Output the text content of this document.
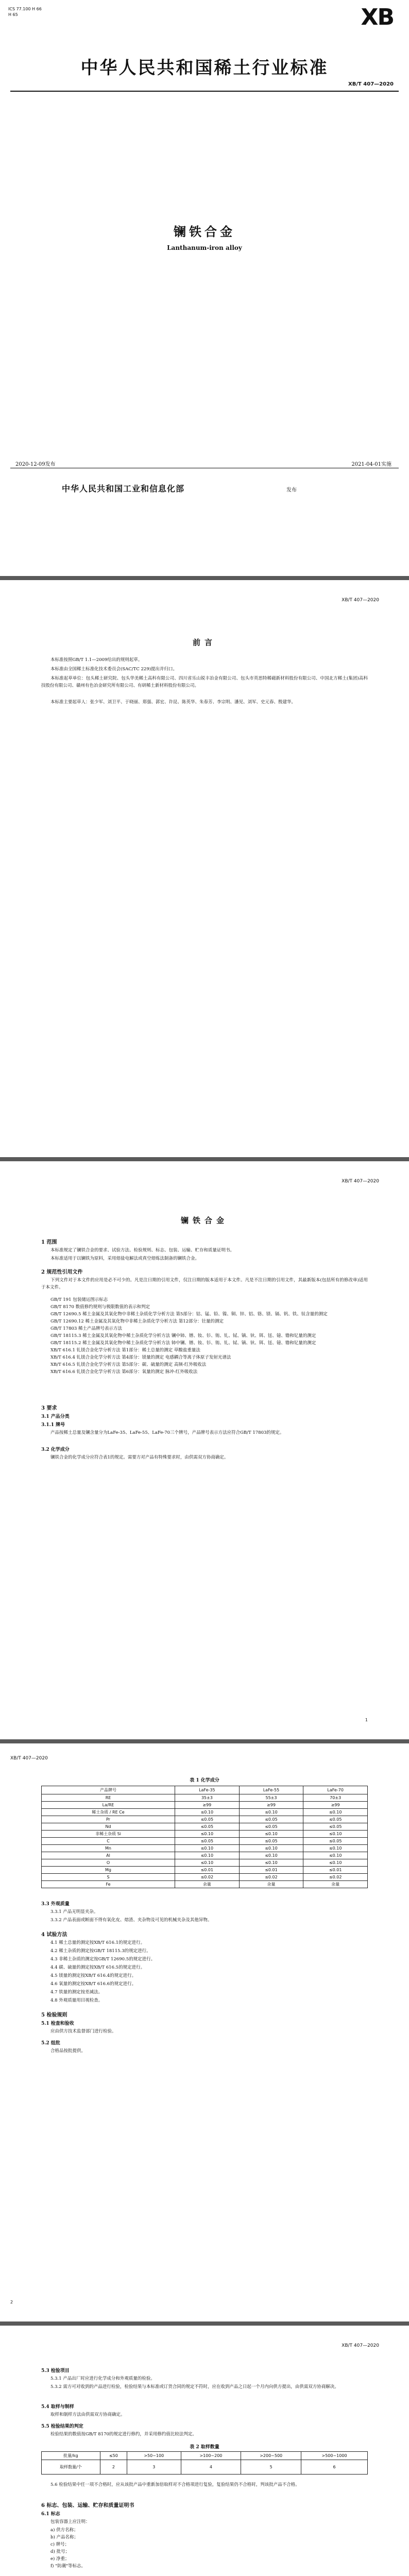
ICS 77.100 H 66
H 65	XB
中华人民共和国稀土行业标准
XB/T 407—2020
镧铁合金
Lanthanum-iron alloy
2020-12-09发布	2021-04-01实施
中华人民共和国工业和信息化部	发布
XB/T 407—2020
前言
本标准按照GB/T 1.1—2009给出的规则起草。
本标准由全国稀土标准化技术委员会(SAC/TC 229)提出并归口。
本标准起草单位：包头稀土研究院、包头华美稀土高科有限公司、四川省乐山锐丰冶金有限公司、包头市英思特稀磁新材料股份有限公司、中国北方稀土(集团)高科技股份有限公司、赣州有色冶金研究所有限公司、有研稀土新材料股份有限公司。
本标准主要起草人：张少军、刘卫平、于晓丽、郑强、郭宏、许昆、陈英华、朱春芳、李宗明、潘见、刘军、史元春、殷建华。
XB/T 407—2020
镧铁合金
1 范围
本标准规定了镧铁合金的要求、试验方法、检验规则、标志、包装、运输、贮存和质量证明书。
本标准适用于以镧铁为原料，采用熔盐电解法或真空熔炼法制备的镧铁合金。
2 规范性引用文件
下列文件对于本文件的应用是必不可少的。凡是注日期的引用文件，仅注日期的版本适用于本文件。凡是不注日期的引用文件，其最新版本(包括所有的修改单)适用于本文件。
GB/T 191 包装储运图示标志
GB/T 8170 数值修约规则与极限数值的表示和判定
GB/T 12690.5 稀土金属及其氧化物中非稀土杂质化学分析方法 第5部分：钴、锰、铅、镍、铜、锌、铝、铬、镁、镉、钒、铁、钛含量的测定
GB/T 12690.12 稀土金属及其氧化物中非稀土杂质化学分析方法 第12部分：钍量的测定
GB/T 17803 稀土产品牌号表示方法
GB/T 18115.3 稀土金属及其氧化物中稀土杂质化学分析方法 镧中铈、镨、钕、钐、铕、钆、铽、镝、钬、铒、铥、镱、镥和钇量的测定
GB/T 18115.2 稀土金属及其氧化物中稀土杂质化学分析方法 铈中镧、镨、钕、钐、铕、钆、铽、镝、钬、铒、铥、镱、镥和钇量的测定
XB/T 616.1 钆镁合金化学分析方法 第1部分：稀土总量的测定 草酸盐重量法
XB/T 616.4 钆镁合金化学分析方法 第4部分：镁量的测定 电感耦合等离子体原子发射光谱法
XB/T 616.5 钆镁合金化学分析方法 第5部分：碳、硫量的测定 高频-红外吸收法
XB/T 616.6 钆镁合金化学分析方法 第6部分：氧量的测定 脉冲-红外吸收法
3 要求
3.1 产品分类
3.1.1 牌号
产品按稀土总量及镧含量分为LaFe-35、LaFe-55、LaFe-70三个牌号，产品牌号表示方法应符合GB/T 17803的规定。
3.2 化学成分
镧铁合金的化学成分应符合表1的规定。需要方对产品有特殊要求时，由供需双方协商确定。
1
XB/T 407—2020
表 1 化学成分
产品牌号	LaFe-35	LaFe-55	LaFe-70
RE	35±3	55±3	70±3
La/RE	≥99	≥99	≥99
稀土杂质 / RE Ce	≤0.10	≤0.10	≤0.10
Pr	≤0.05	≤0.05	≤0.05
Nd	≤0.05	≤0.05	≤0.05
非稀土杂质 Si	≤0.10	≤0.10	≤0.10
C	≤0.05	≤0.05	≤0.05
Mn	≤0.10	≤0.10	≤0.10
Al	≤0.10	≤0.10	≤0.10
O	≤0.10	≤0.10	≤0.10
Mg	≤0.01	≤0.01	≤0.01
S	≤0.02	≤0.02	≤0.02
Fe	余量	余量	余量
3.3 外观质量
3.3.1 产品无明显夹杂。
3.3.2 产品表面或断面不得有氧化皮、熔渣、夹杂物及可见的机械夹杂及其他异物。
4 试验方法
4.1 稀土总量的测定按XB/T 616.1的规定进行。
4.2 稀土杂质的测定按GB/T 18115.3的规定进行。
4.3 非稀土杂质的测定按GB/T 12690.5的规定进行。
4.4 碳、硫量的测定按XB/T 616.5的规定进行。
4.5 镁量的测定按XB/T 616.4的规定进行。
4.6 氧量的测定按XB/T 616.6的规定进行。
4.7 铁量的测定按差减法。
4.8 外观质量用目视检查。
5 检验规则
5.1 检查和验收
应由供方技术监督部门进行检验。
5.2 组批
合格品按批提供。
2
XB/T 407—2020
5.3 检验项目
5.3.1 产品出厂时应进行化学成分和外观质量的检验。
5.3.2 需方可对收到的产品进行检验，检验结果与本标准或订货合同的规定不符时，应在收到产品之日起一个月内向供方提出，由供需双方协商解决。
5.4 取样与制样
取样和制样方法由供需双方协商确定。
5.5 检验结果的判定
检验结果的数值按GB/T 8170的规定进行修约，并采用修约值比较法判定。
表 2 取样数量
批量/kg	≤50	>50~100	>100~200	>200~500	>500~1000
取样数量/个	2	3	4	5	6
5.6 检验结果中任一项不合格时，应从该批产品中重新加倍取样对不合格项进行复验，复验结果仍不合格时，判该批产品不合格。
6 标志、包装、运输、贮存和质量证明书
6.1 标志
包装容器上应注明：
a) 供方名称；
b) 产品名称；
c) 牌号；
d) 批号；
e) 净重；
f) "防潮"等标志。
